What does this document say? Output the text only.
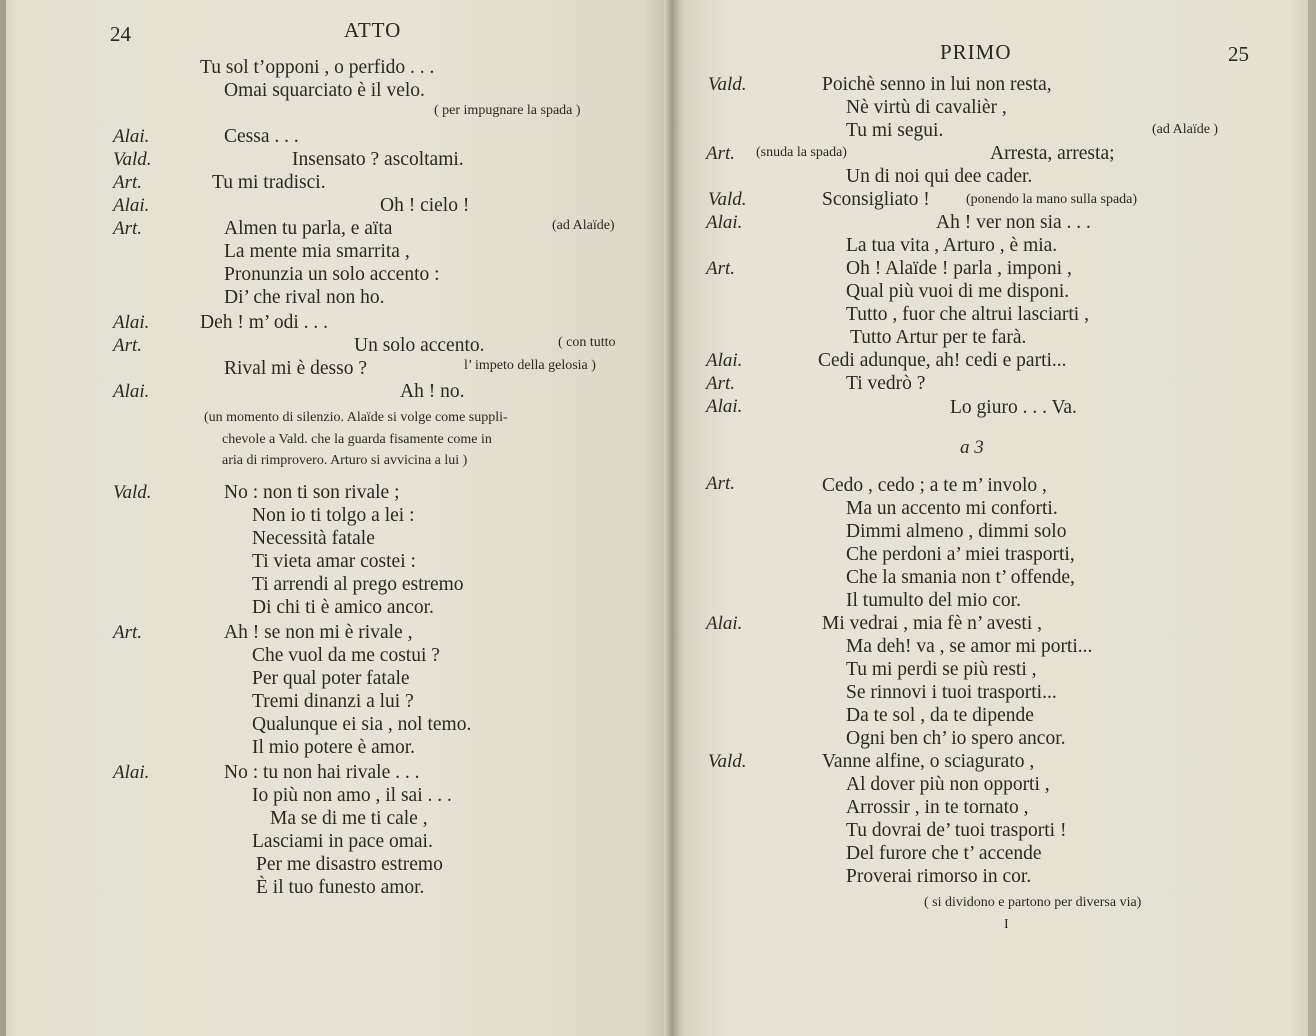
24	ATTO
Tu sol t’opponi , o perfido . . .
Omai squarciato è il velo.
( per impugnare la spada )
Alai.	Cessa . . .
Vald.	Insensato ? ascoltami.
Art.	Tu mi tradisci.
Alai.	Oh ! cielo !
Art.	Almen tu parla, e aïta	(ad Alaïde)
La mente mia smarrita ,
Pronunzia un solo accento :
Di’ che rival non ho.
Alai.	Deh ! m’ odi . . .
Art.	Un solo accento.	( con tutto
Rival mi è desso ?	l’ impeto della gelosia )
Alai.	Ah ! no.
Vald.	No : non ti son rivale ;
Non io ti tolgo a lei :
Necessità fatale
Ti vieta amar costei :
Ti arrendi al prego estremo
Di chi ti è amico ancor.
Art.	Ah ! se non mi è rivale ,
Che vuol da me costui ?
Per qual poter fatale
Tremi dinanzi a lui ?
Qualunque ei sia , nol temo.
Il mio potere è amor.
Alai.	No : tu non hai rivale . . .
Io più non amo , il sai . . .
Ma se di me ti cale ,
Lasciami in pace omai.
Per me disastro estremo
È il tuo funesto amor.
(un momento di silenzio. Alaïde si volge come suppli-
chevole a Vald. che la guarda fisamente come in
aria di rimprovero. Arturo si avvicina a lui )
PRIMO	25
a 3
I
Vald.	Poichè senno in lui non resta,
Nè virtù di cavalièr ,
Tu mi segui.	(ad Alaïde )
Art. (snuda la spada)	Arresta, arresta;
Un di noi qui dee cader.
Vald.	Sconsigliato !	(ponendo la mano sulla spada)
Alai.	Ah ! ver non sia . . .
La tua vita , Arturo , è mia.
Art.	Oh ! Alaïde ! parla , imponi ,
Qual più vuoi di me disponi.
Tutto , fuor che altrui lasciarti ,
Tutto Artur per te farà.
Alai.	Cedi adunque, ah! cedi e parti...
Art.	Ti vedrò ?
Alai.	Lo giuro . . . Va.
Art.	Cedo , cedo ; a te m’ involo ,
Ma un accento mi conforti.
Dimmi almeno , dimmi solo
Che perdoni a’ miei trasporti,
Che la smania non t’ offende,
Il tumulto del mio cor.
Alai.	Mi vedrai , mia fè n’ avesti ,
Ma deh! va , se amor mi porti...
Tu mi perdi se più resti ,
Se rinnovi i tuoi trasporti...
Da te sol , da te dipende
Ogni ben ch’ io spero ancor.
Vald.	Vanne alfine, o sciagurato ,
Al dover più non opporti ,
Arrossir , in te tornato ,
Tu dovrai de’ tuoi trasporti !
Del furore che t’ accende
Proverai rimorso in cor.
( si dividono e partono per diversa via)
